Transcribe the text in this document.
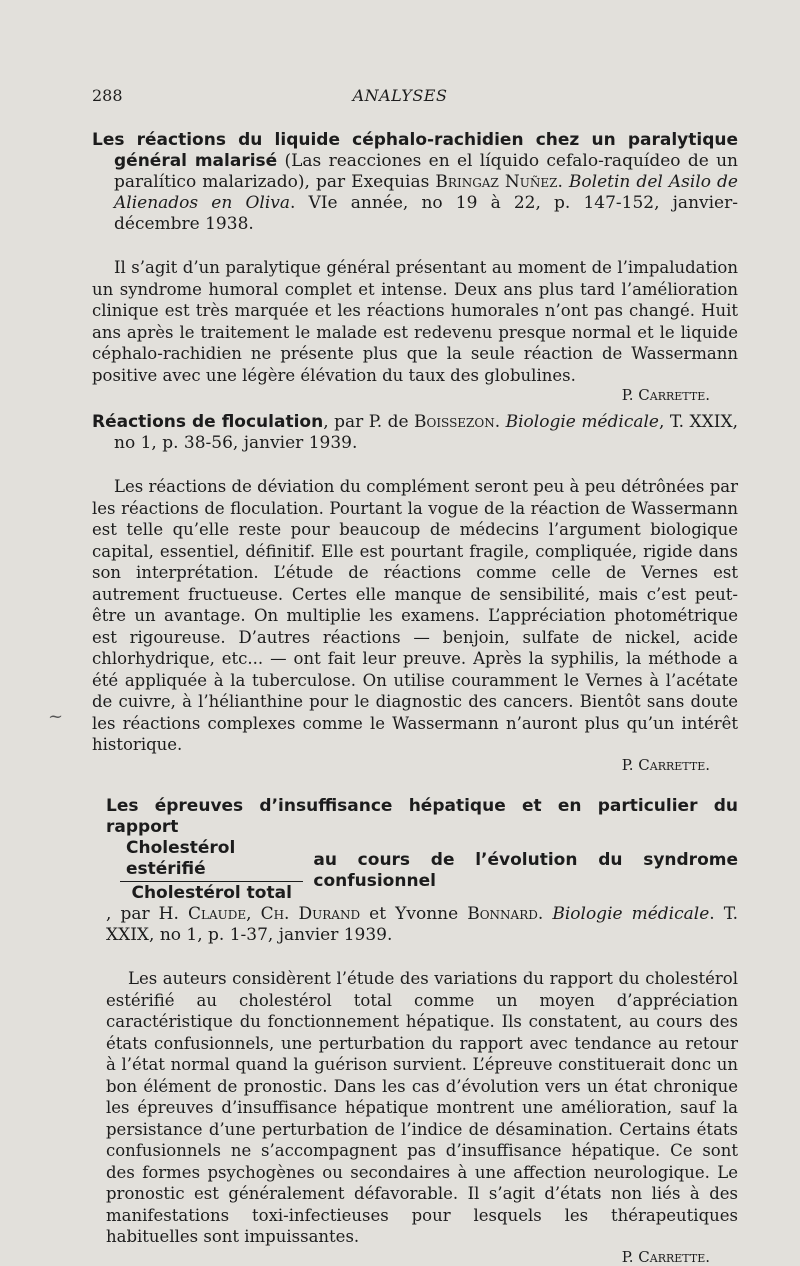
288	ANALYSES
~

Les réactions du liquide céphalo-rachidien chez un paralytique général malarisé (Las reacciones en el líquido cefalo-raquídeo de un paralítico malarizado), par Exequias Bringaz Nuñez. Boletin del Asilo de Alienados en Oliva. VIe année, no 19 à 22, p. 147-152, janvier-décembre 1938.

Il s’agit d’un paralytique général présentant au moment de l’impaludation un syndrome humoral complet et intense. Deux ans plus tard l’amélioration clinique est très marquée et les réactions humorales n’ont pas changé. Huit ans après le traitement le malade est redevenu presque normal et le liquide céphalo-rachidien ne présente plus que la seule réaction de Wassermann positive avec une légère élévation du taux des globulines.

P. Carrette.

Réactions de floculation, par P. de Boissezon. Biologie médicale, T. XXIX, no 1, p. 38-56, janvier 1939.

Les réactions de déviation du complément seront peu à peu détrônées par les réactions de floculation. Pourtant la vogue de la réaction de Wassermann est telle qu’elle reste pour beaucoup de médecins l’argument biologique capital, essentiel, définitif. Elle est pourtant fragile, compliquée, rigide dans son interprétation. L’étude de réactions comme celle de Vernes est autrement fructueuse. Certes elle manque de sensibilité, mais c’est peut-être un avantage. On multiplie les examens. L’appréciation photométrique est rigoureuse. D’autres réactions — benjoin, sulfate de nickel, acide chlorhydrique, etc... — ont fait leur preuve. Après la syphilis, la méthode a été appliquée à la tuberculose. On utilise couramment le Vernes à l’acétate de cuivre, à l’hélianthine pour le diagnostic des cancers. Bientôt sans doute les réactions complexes comme le Wassermann n’auront plus qu’un intérêt historique.

P. Carrette.
Les épreuves d’insuffisance hépatique et en particulier du rapport
$\frac{\text{Cholestérol estérifié}}{\text{Cholestérol total}}$ au cours de l’évolution du syndrome confusionnel
, par H. Claude, Ch. Durand et Yvonne Bonnard. Biologie médicale. T. XXIX, no 1, p. 1-37, janvier 1939.

Les auteurs considèrent l’étude des variations du rapport du cholestérol estérifié au cholestérol total comme un moyen d’appréciation caractéristique du fonctionnement hépatique. Ils constatent, au cours des états confusionnels, une perturbation du rapport avec tendance au retour à l’état normal quand la guérison survient. L’épreuve constituerait donc un bon élément de pronostic. Dans les cas d’évolution vers un état chronique les épreuves d’insuffisance hépatique montrent une amélioration, sauf la persistance d’une perturbation de l’indice de désamination. Certains états confusionnels ne s’accompagnent pas d’insuffisance hépatique. Ce sont des formes psychogènes ou secondaires à une affection neurologique. Le pronostic est généralement défavorable. Il s’agit d’états non liés à des manifestations toxi-infectieuses pour lesquels les thérapeutiques habituelles sont impuissantes.

P. Carrette.
